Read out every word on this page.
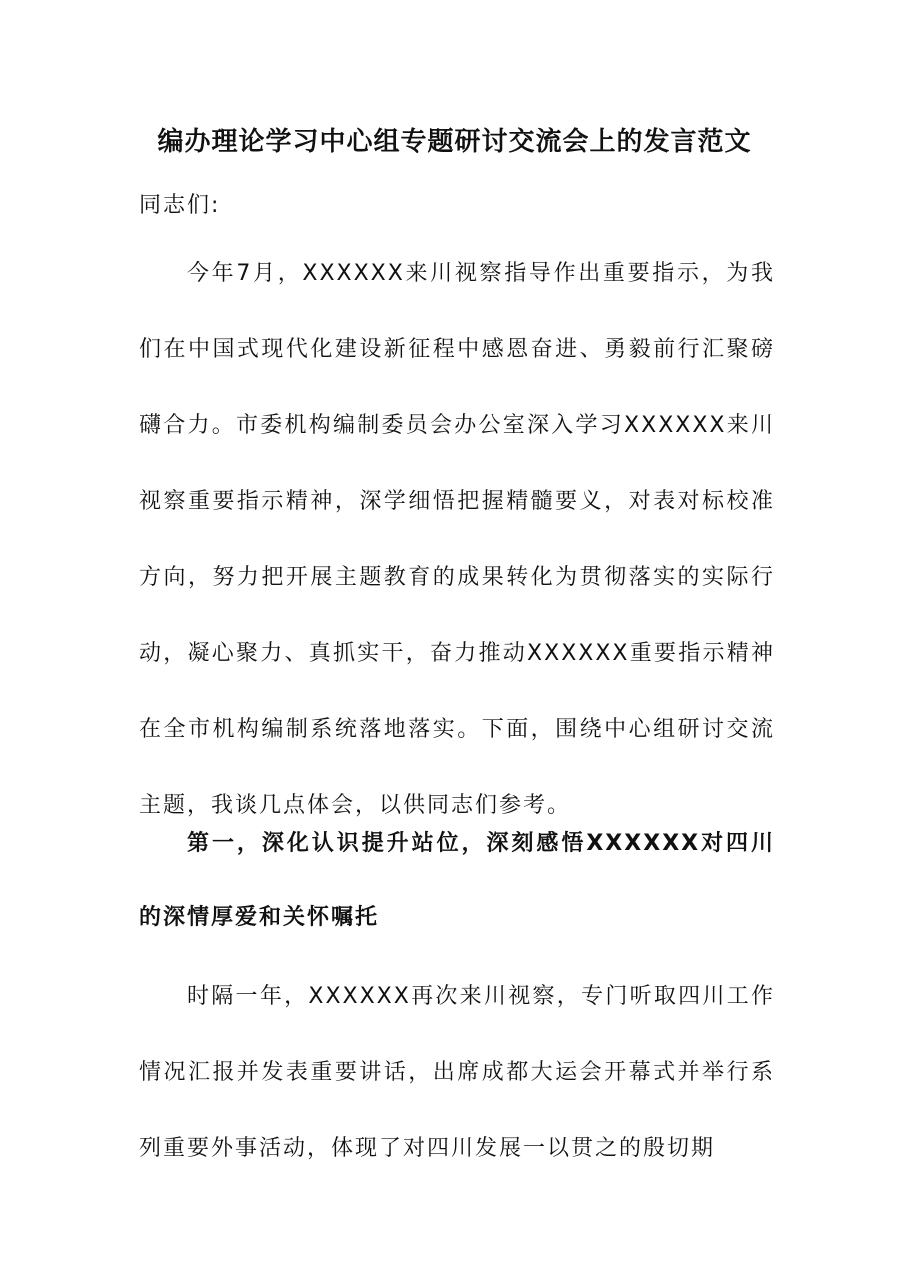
编办理论学习中心组专题研讨交流会上的发言范文

同志们:

今年7月，XXXXXX来川视察指导作出重要指示，为我们在中国式现代化建设新征程中感恩奋进、勇毅前行汇聚磅礴合力。市委机构编制委员会办公室深入学习XXXXXX来川视察重要指示精神，深学细悟把握精髓要义，对表对标校准方向，努力把开展主题教育的成果转化为贯彻落实的实际行动，凝心聚力、真抓实干，奋力推动XXXXXX重要指示精神在全市机构编制系统落地落实。下面，围绕中心组研讨交流主题，我谈几点体会，以供同志们参考。

第一，深化认识提升站位，深刻感悟XXXXXX对四川的深情厚爱和关怀嘱托

时隔一年，XXXXXX再次来川视察，专门听取四川工作情况汇报并发表重要讲话，出席成都大运会开幕式并举行系列重要外事活动，体现了对四川发展一以贯之的殷切期
